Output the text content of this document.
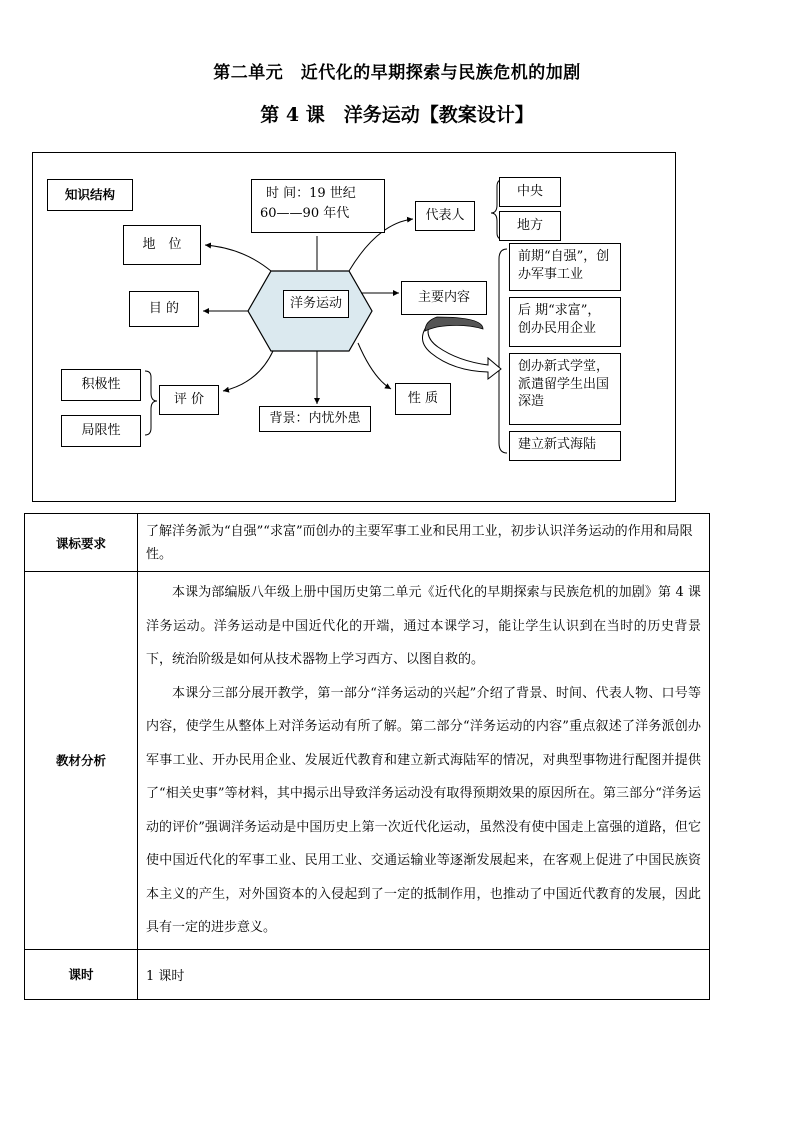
第二单元　近代化的早期探索与民族危机的加剧
第 4 课　洋务运动【教案设计】
知识结构	时 间：19 世纪
60——90 年代
洋务运动
地　位
目 的
评 价
积极性
局限性
背景：内忧外患
性 质
代表人
中央
地方
主要内容
前期“自强”，创办军事工业
后 期“求富”，创办民用企业
创办新式学堂，派遣留学生出国深造
建立新式海陆
课标要求	了解洋务派为“自强”“求富”而创办的主要军事工业和民用工业，初步认识洋务运动的作用和局限性。
教材分析	本课为部编版八年级上册中国历史第二单元《近代化的早期探索与民族危机的加剧》第 4 课洋务运动。洋务运动是中国近代化的开端，通过本课学习，能让学生认识到在当时的历史背景下，统治阶级是如何从技术器物上学习西方、以图自救的。
本课分三部分展开教学，第一部分“洋务运动的兴起”介绍了背景、时间、代表人物、口号等内容，使学生从整体上对洋务运动有所了解。第二部分“洋务运动的内容”重点叙述了洋务派创办军事工业、开办民用企业、发展近代教育和建立新式海陆军的情况，对典型事物进行配图并提供了“相关史事”等材料，其中揭示出导致洋务运动没有取得预期效果的原因所在。第三部分“洋务运动的评价”强调洋务运动是中国历史上第一次近代化运动，虽然没有使中国走上富强的道路，但它使中国近代化的军事工业、民用工业、交通运输业等逐渐发展起来，在客观上促进了中国民族资本主义的产生，对外国资本的入侵起到了一定的抵制作用，也推动了中国近代教育的发展，因此具有一定的进步意义。

课时	1 课时
